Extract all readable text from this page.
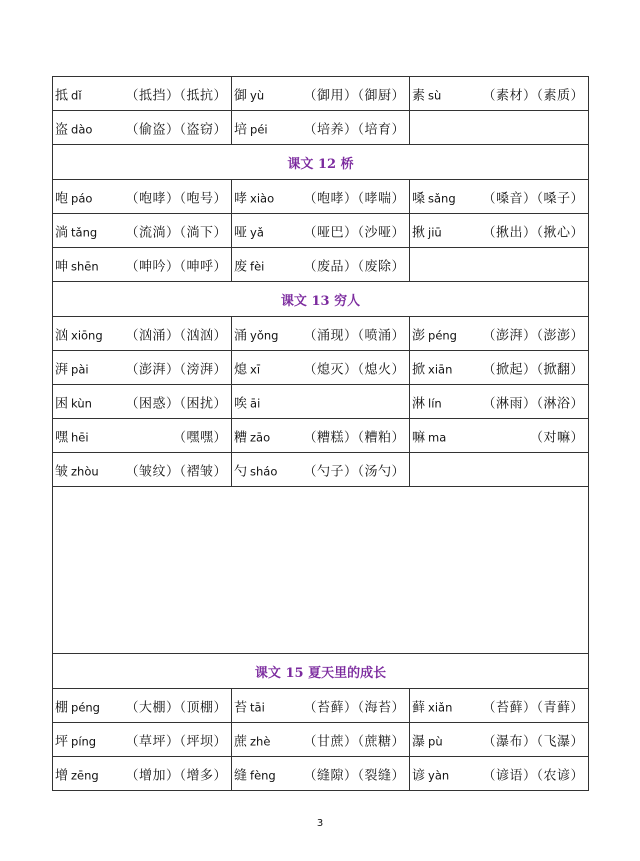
抵 dǐ （抵挡）（抵抗）	御 yù （御用）（御厨）	素 sù （素材）（素质）

盗 dào （偷盗）（盗窃）	培 péi （培养）（培育）	

课文 12 桥		

咆 páo （咆哮）（咆号）	哮 xiào （咆哮）（哮喘）	嗓 sǎng （嗓音）（嗓子）

淌 tǎng （流淌）（淌下）	哑 yǎ （哑巴）（沙哑）	揪 jiū （揪出）（揪心）

呻 shēn （呻吟）（呻呼）	废 fèi （废品）（废除）	

课文 13 穷人		

汹 xiōng （汹涌）（汹汹）	涌 yǒng （涌现）（喷涌）	澎 péng （澎湃）（澎澎）

湃 pài （澎湃）（滂湃）	熄 xī （熄灭）（熄火）	掀 xiān （掀起）（掀翻）

困 kùn （困惑）（困扰）	唉 āi	淋 lín （淋雨）（淋浴）

嘿 hēi （嘿嘿）	糟 zāo （糟糕）（糟粕）	嘛 ma （对嘛）

皱 zhòu （皱纹）（褶皱）	勺 sháo （勺子）（汤勺）	

课文 15 夏天里的成长		

棚 péng （大棚）（顶棚）	苔 tāi （苔藓）（海苔）	藓 xiǎn （苔藓）（青藓）

坪 píng （草坪）（坪坝）	蔗 zhè （甘蔗）（蔗糖）	瀑 pù （瀑布）（飞瀑）

增 zēng （增加）（增多）	缝 fèng （缝隙）（裂缝）	谚 yàn （谚语）（农谚）
3
